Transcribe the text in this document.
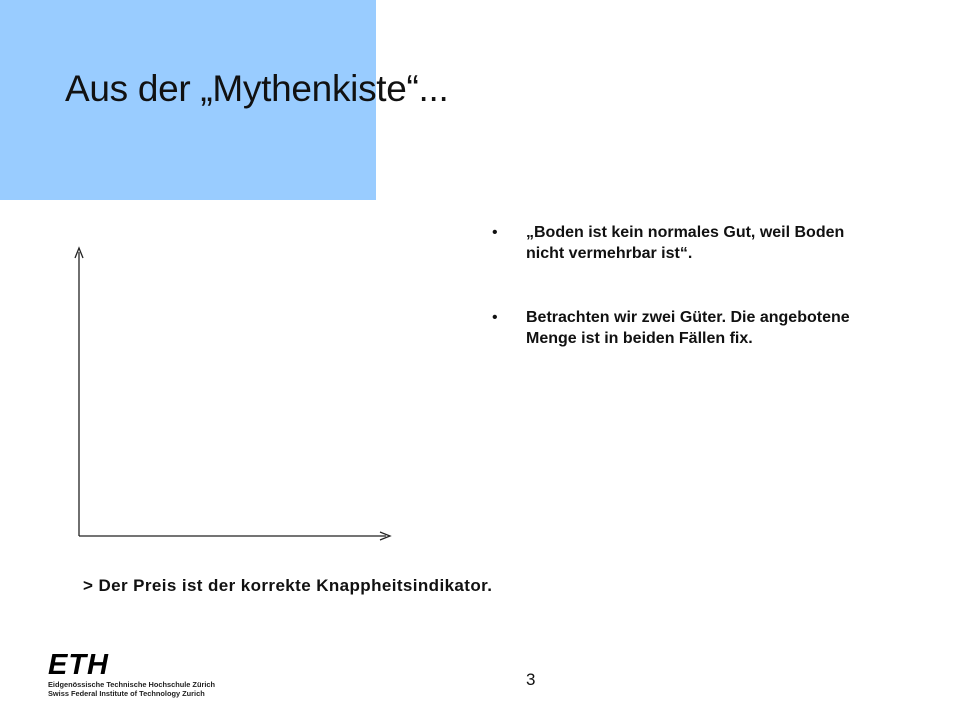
Aus der „Mythenkiste“...
• „Boden ist kein normales Gut, weil Boden nicht vermehrbar ist“.
• Betrachten wir zwei Güter. Die angebotene Menge ist in beiden Fällen fix.

> Der Preis ist der korrekte Knappheitsindikator.

ETH
Eidgenössische Technische Hochschule Zürich
Swiss Federal Institute of Technology Zurich
3
